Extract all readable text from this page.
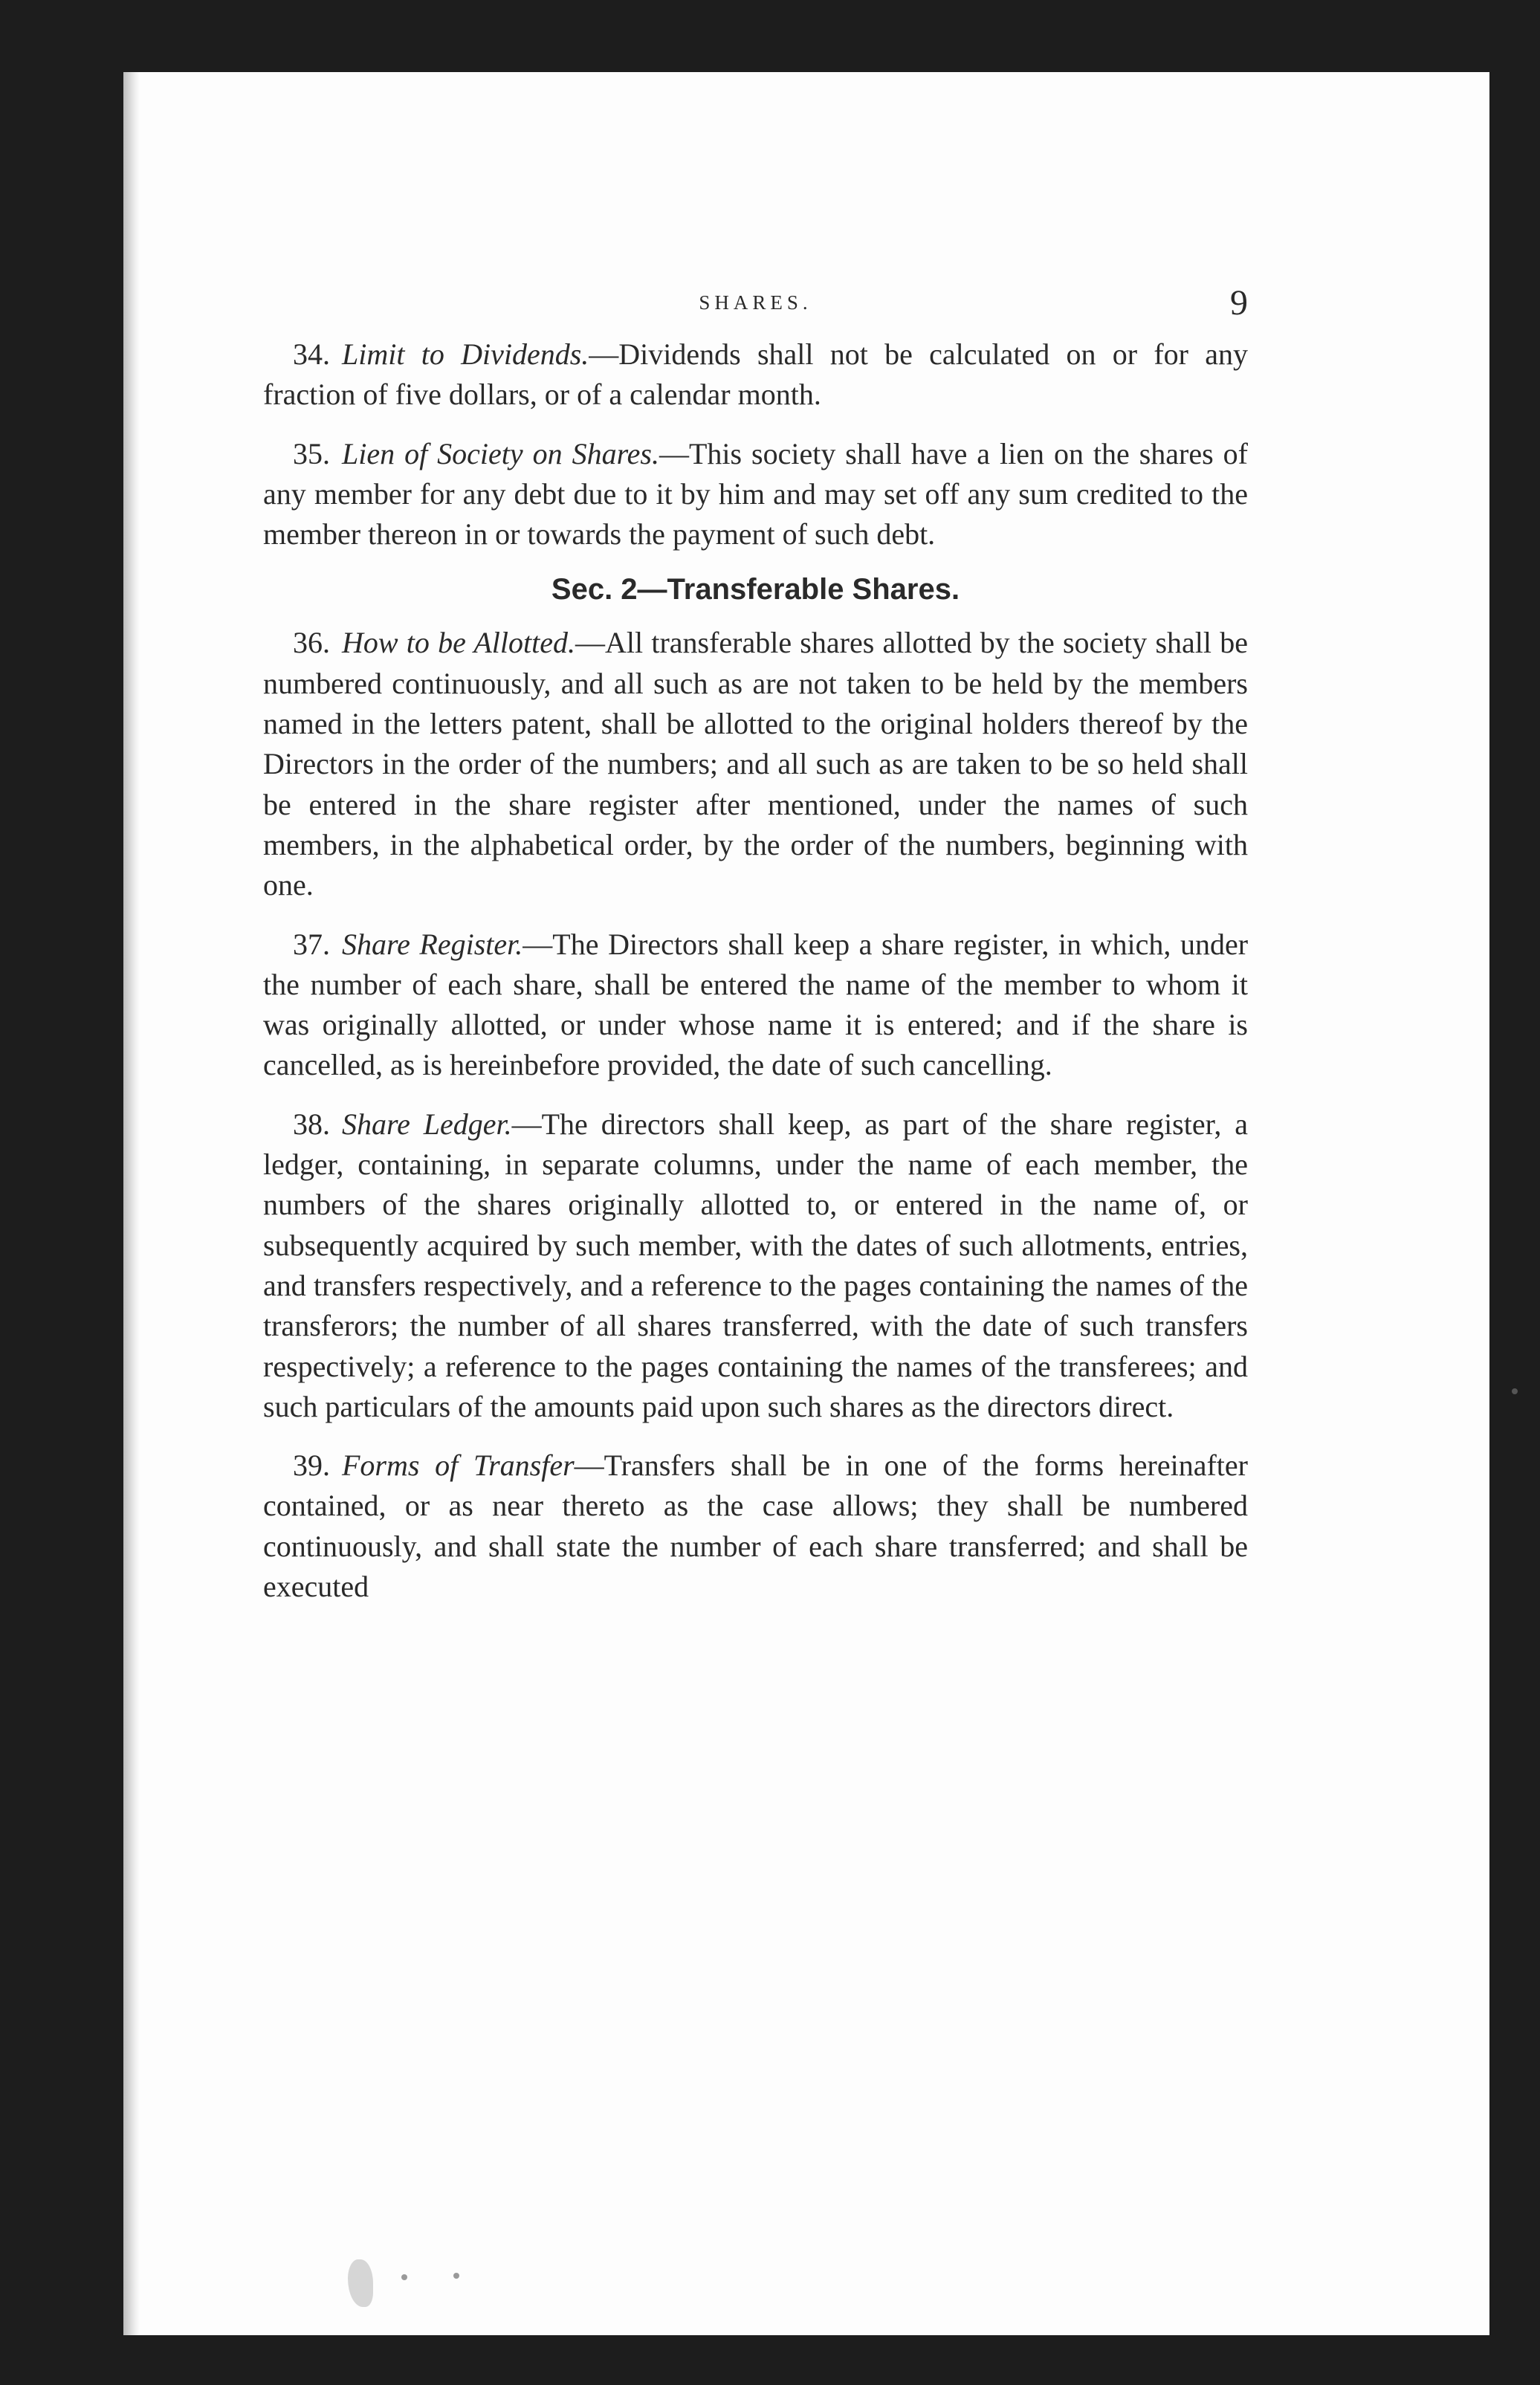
SHARES.	9

34. Limit to Dividends.—Dividends shall not be calculated on or for any fraction of five dollars, or of a calendar month.

35. Lien of Society on Shares.—This society shall have a lien on the shares of any member for any debt due to it by him and may set off any sum credited to the member thereon in or towards the payment of such debt.

Sec. 2—Transferable Shares.

36. How to be Allotted.—All transferable shares allotted by the society shall be numbered continuously, and all such as are not taken to be held by the members named in the letters patent, shall be allotted to the original holders thereof by the Directors in the order of the numbers; and all such as are taken to be so held shall be entered in the share register after mentioned, under the names of such members, in the alphabetical order, by the order of the numbers, beginning with one.

37. Share Register.—The Directors shall keep a share register, in which, under the number of each share, shall be entered the name of the member to whom it was originally allotted, or under whose name it is entered; and if the share is cancelled, as is hereinbefore provided, the date of such cancelling.

38. Share Ledger.—The directors shall keep, as part of the share register, a ledger, containing, in separate columns, under the name of each member, the numbers of the shares originally allotted to, or entered in the name of, or subsequently acquired by such member, with the dates of such allotments, entries, and transfers respectively, and a reference to the pages containing the names of the transferors; the number of all shares transferred, with the date of such transfers respectively; a reference to the pages containing the names of the transferees; and such particulars of the amounts paid upon such shares as the directors direct.

39. Forms of Transfer—Transfers shall be in one of the forms hereinafter contained, or as near thereto as the case allows; they shall be numbered continuously, and shall state the number of each share transferred; and shall be executed
